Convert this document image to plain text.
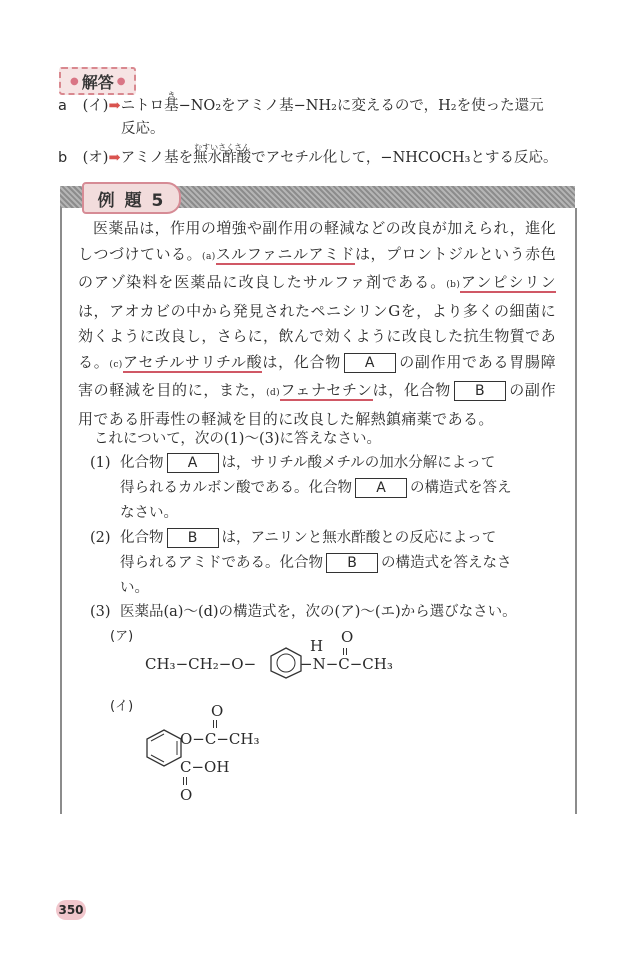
● 解答 ●
a (イ)➡ニトロ
き
基−NO₂をアミノ基−NH₂に変えるので，H₂を使った還元
反応。
b (オ)➡アミノ基を
むすいさくさん
無水酢酸でアセチル化して，−NHCOCH₃とする反応。
例 題 5
医薬品は，作用の増強や副作用の軽減などの改良が加えられ，進化しつづけている。(a)スルファニルアミドは，プロントジルという赤色のアゾ染料を医薬品に改良したサルファ剤である。(b)アンピシリンは，アオカビの中から発見されたペニシリンGを，より多くの細菌に効くように改良し，さらに，飲んで効くように改良した抗生物質である。(c)アセチルサリチル酸は，化合物 A の副作用である胃腸障害の軽減を目的に，また，(d)フェナセチンは，化合物 B の副作用である肝毒性の軽減を目的に改良した解熱鎮痛薬である。
これについて，次の(1)〜(3)に答えなさい。
(1) 化合物 A は，サリチル酸メチルの加水分解によって
得られるカルボン酸である。化合物 A の構造式を答え
なさい。
(2) 化合物 B は，アニリンと無水酢酸との反応によって
得られるアミドである。化合物 B の構造式を答えなさ
い。
(3) 医薬品(a)〜(d)の構造式を，次の(ア)〜(エ)から選びなさい。
(ア)
CH₃−CH₂−O−	−N−C−CH₃
H O
(イ)	O
O−C−CH₃
C−OH
O
350
